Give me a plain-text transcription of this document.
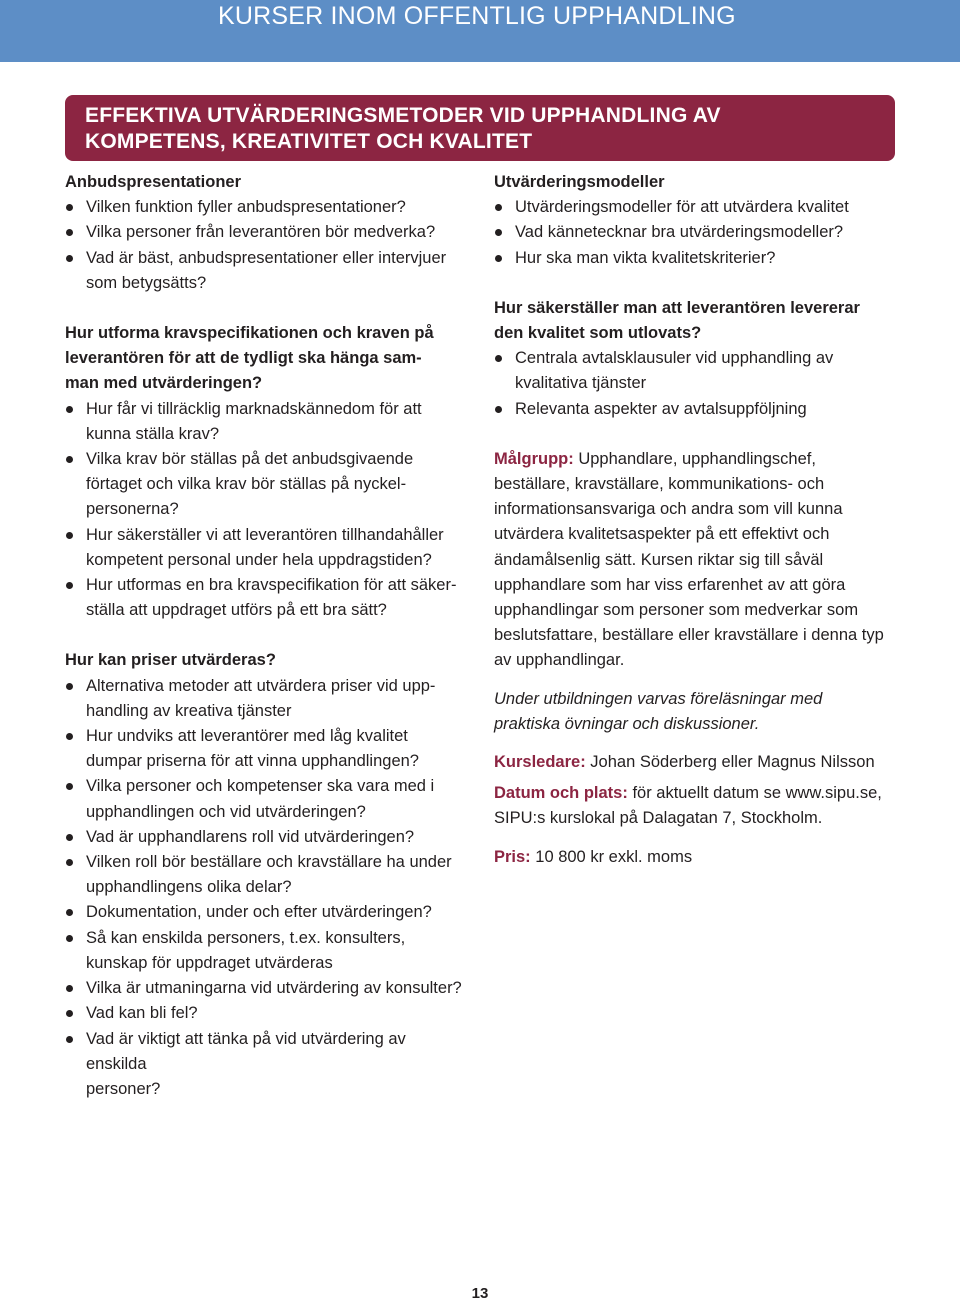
KURSER INOM OFFENTLIG UPPHANDLING
EFFEKTIVA UTVÄRDERINGSMETODER VID UPPHANDLING AV
KOMPETENS, KREATIVITET OCH KVALITET
Anbudspresentationer
Vilken funktion fyller anbudspresentationer?
Vilka personer från leverantören bör medverka?
Vad är bäst, anbudspresentationer eller intervjuer
som betygsätts?
Hur utforma kravspecifikationen och kraven på
leverantören för att de tydligt ska hänga sam-
man med utvärderingen?
Hur får vi tillräcklig marknadskännedom för att
kunna ställa krav?
Vilka krav bör ställas på det anbudsgivaende
förtaget och vilka krav bör ställas på nyckel-
personerna?
Hur säkerställer vi att leverantören tillhandahåller
kompetent personal under hela uppdragstiden?
Hur utformas en bra kravspecifikation för att säker-
ställa att uppdraget utförs på ett bra sätt?
Hur kan priser utvärderas?
Alternativa metoder att utvärdera priser vid upp-
handling av kreativa tjänster
Hur undviks att leverantörer med låg kvalitet
dumpar priserna för att vinna upphandlingen?
Vilka personer och kompetenser ska vara med i
upphandlingen och vid utvärderingen?
Vad är upphandlarens roll vid utvärderingen?
Vilken roll bör beställare och kravställare ha under
upphandlingens olika delar?
Dokumentation, under och efter utvärderingen?
Så kan enskilda personers, t.ex. konsulters,
kunskap för uppdraget utvärderas
Vilka är utmaningarna vid utvärdering av konsulter?
Vad kan bli fel?
Vad är viktigt att tänka på vid utvärdering av enskilda
personer?
Utvärderingsmodeller
Utvärderingsmodeller för att utvärdera kvalitet
Vad kännetecknar bra utvärderingsmodeller?
Hur ska man vikta kvalitetskriterier?
Hur säkerställer man att leverantören levererar
den kvalitet som utlovats?
Centrala avtalsklausuler vid upphandling av
kvalitativa tjänster
Relevanta aspekter av avtalsuppföljning
Målgrupp: Upphandlare, upphandlingschef,
beställare, kravställare, kommunikations- och
informationsansvariga och andra som vill kunna
utvärdera kvalitetsaspekter på ett effektivt och
ändamålsenlig sätt. Kursen riktar sig till såväl
upphandlare som har viss erfarenhet av att göra
upphandlingar som personer som medverkar som
beslutsfattare, beställare eller kravställare i denna typ
av upphandlingar.
Under utbildningen varvas föreläsningar med
praktiska övningar och diskussioner.
Kursledare: Johan Söderberg eller Magnus Nilsson
Datum och plats: för aktuellt datum se www.sipu.se,
SIPU:s kurslokal på Dalagatan 7, Stockholm.
Pris: 10 800 kr exkl. moms
13
